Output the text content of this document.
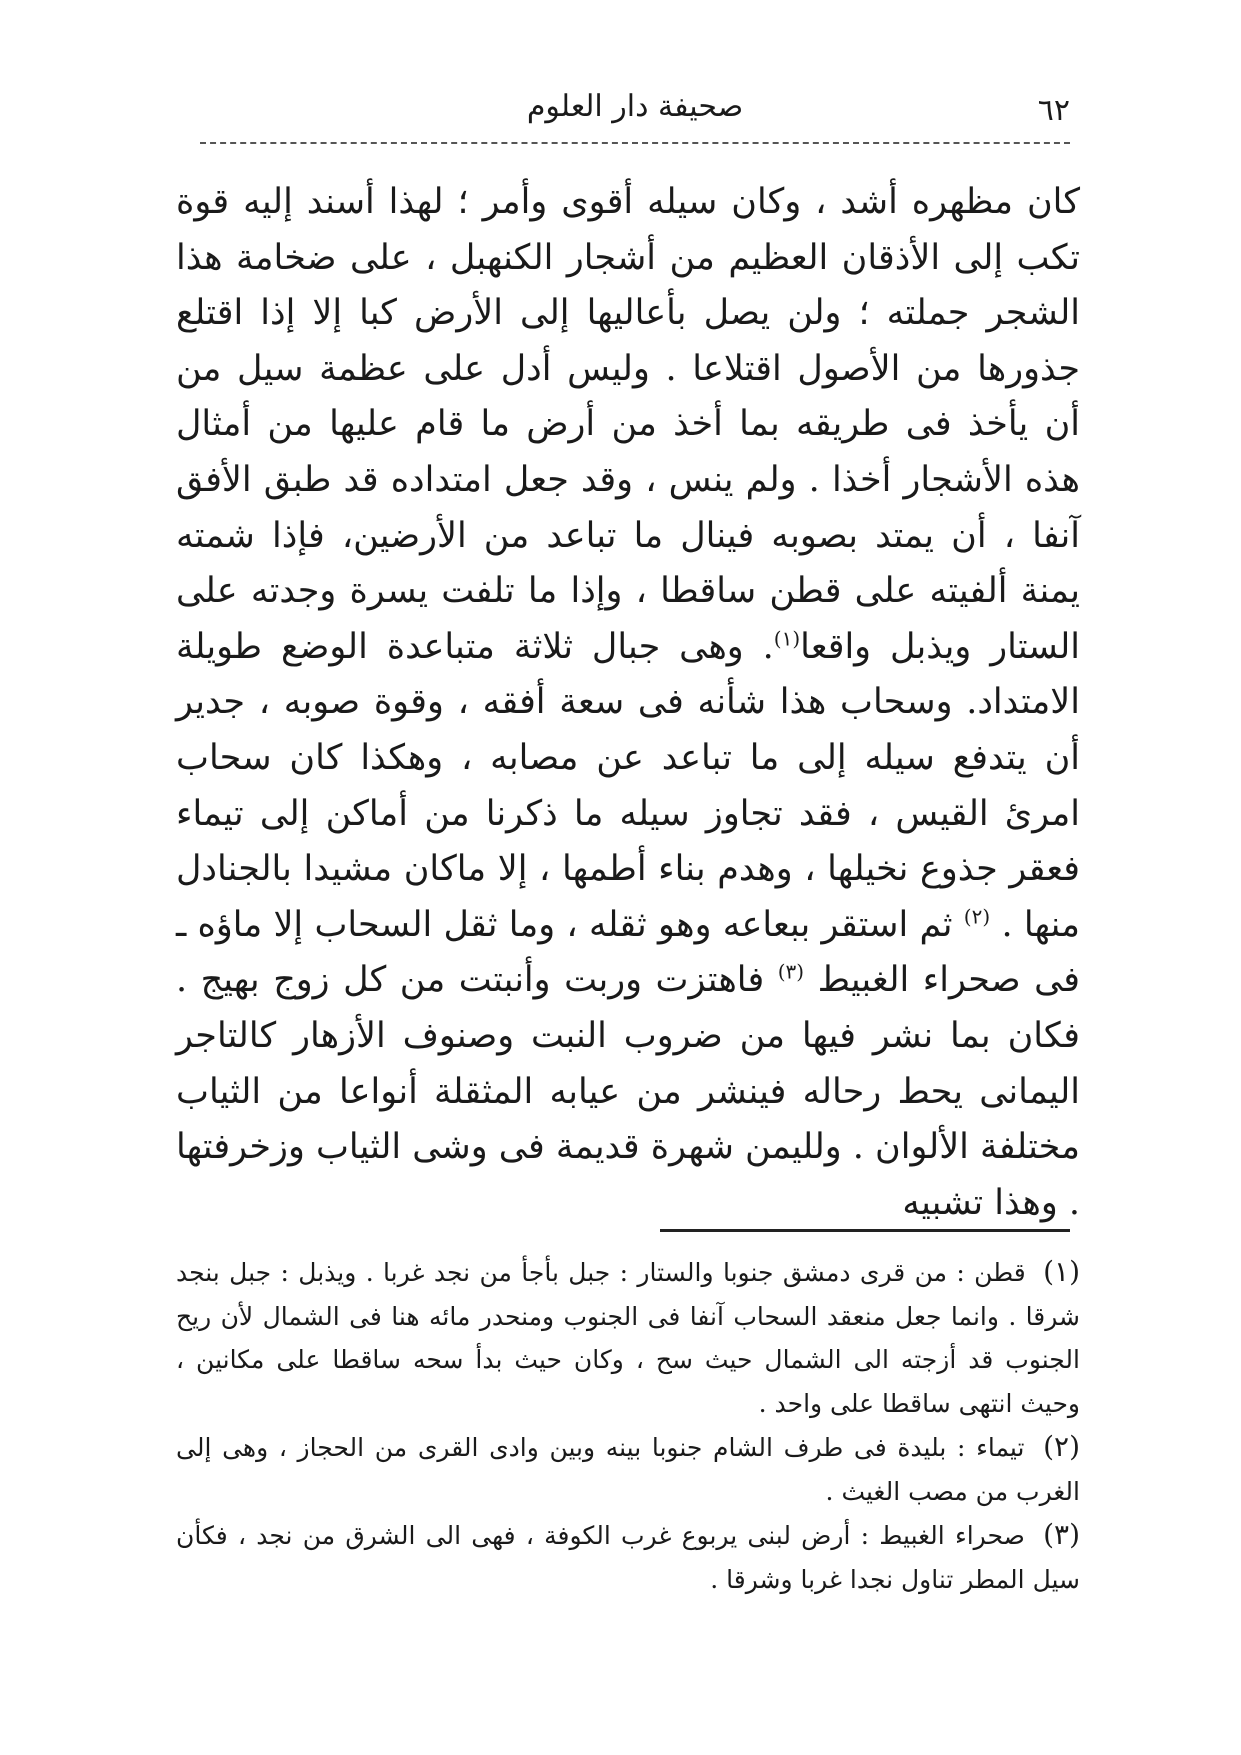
٦٢
صحيفة دار العلوم

كان مظهره أشد ، وكان سيله أقوى وأمر ؛ لهذا أسند إليه قوة تكب إلى الأذقان العظيم من أشجار الكنهبل ، على ضخامة هذا الشجر جملته ؛ ولن يصل بأعاليها إلى الأرض كبا إلا إذا اقتلع جذورها من الأصول اقتلاعا . وليس أدل على عظمة سيل من أن يأخذ فى طريقه بما أخذ من أرض ما قام عليها من أمثال هذه الأشجار أخذا . ولم ينس ، وقد جعل امتداده قد طبق الأفق آنفا ، أن يمتد بصوبه فينال ما تباعد من الأرضين، فإذا شمته يمنة ألفيته على قطن ساقطا ، وإذا ما تلفت يسرة وجدته على الستار ويذبل واقعا$^{(١)}$. وهى جبال ثلاثة متباعدة الوضع طويلة الامتداد. وسحاب هذا شأنه فى سعة أفقه ، وقوة صوبه ، جدير أن يتدفع سيله إلى ما تباعد عن مصابه ، وهكذا كان سحاب امرئ القيس ، فقد تجاوز سيله ما ذكرنا من أماكن إلى تيماء فعقر جذوع نخيلها ، وهدم بناء أطمها ، إلا ماكان مشيدا بالجنادل منها . $^{(٢)}$ ثم استقر ببعاعه وهو ثقله ، وما ثقل السحاب إلا ماؤه ـ فى صحراء الغبيط $^{(٣)}$ فاهتزت وربت وأنبتت من كل زوج بهيج . فكان بما نشر فيها من ضروب النبت وصنوف الأزهار كالتاجر اليمانى يحط رحاله فينشر من عيابه المثقلة أنواعا من الثياب مختلفة الألوان . ولليمن شهرة قديمة فى وشى الثياب وزخرفتها . وهذا تشبيه

(١) قطن : من قرى دمشق جنوبا والستار : جبل بأجأ من نجد غربا . ويذبل : جبل بنجد شرقا . وانما جعل منعقد السحاب آنفا فى الجنوب ومنحدر مائه هنا فى الشمال لأن ريح الجنوب قد أزجته الى الشمال حيث سح ، وكان حيث بدأ سحه ساقطا على مكانين ، وحيث انتهى ساقطا على واحد .

(٢) تيماء : بليدة فى طرف الشام جنوبا بينه وبين وادى القرى من الحجاز ، وهى إلى الغرب من مصب الغيث .

(٣) صحراء الغبيط : أرض لبنى يربوع غرب الكوفة ، فهى الى الشرق من نجد ، فكأن سيل المطر تناول نجدا غربا وشرقا .
